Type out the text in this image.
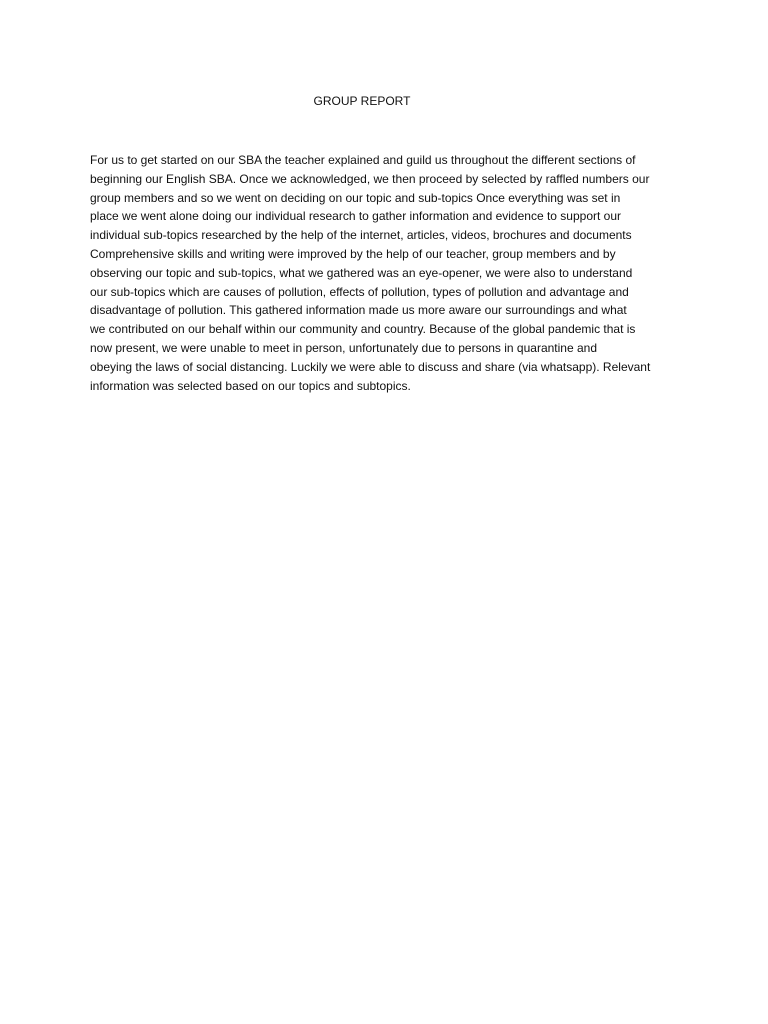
GROUP REPORT

For us to get started on our SBA the teacher explained and guild us throughout the different sections of
beginning our English SBA. Once we acknowledged, we then proceed by selected by raffled numbers our
group members and so we went on deciding on our topic and sub-topics Once everything was set in
place we went alone doing our individual research to gather information and evidence to support our
individual sub-topics researched by the help of the internet, articles, videos, brochures and documents
Comprehensive skills and writing were improved by the help of our teacher, group members and by
observing our topic and sub-topics, what we gathered was an eye-opener, we were also to understand
our sub-topics which are causes of pollution, effects of pollution, types of pollution and advantage and
disadvantage of pollution. This gathered information made us more aware our surroundings and what
we contributed on our behalf within our community and country. Because of the global pandemic that is
now present, we were unable to meet in person, unfortunately due to persons in quarantine and
obeying the laws of social distancing. Luckily we were able to discuss and share (via whatsapp). Relevant
information was selected based on our topics and subtopics.
